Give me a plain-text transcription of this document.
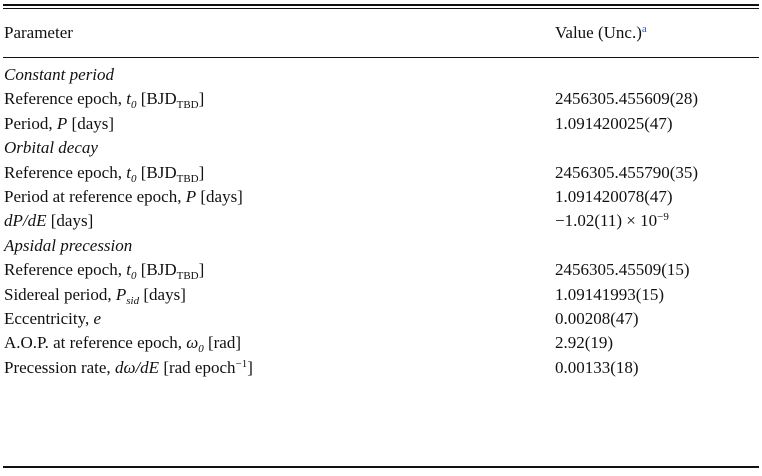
Parameter	Value (Unc.)$^a$
Constant period
Reference epoch, $t_0$ $[BJD_{TBD}]$	2456305.455609(28)
Period, P [days]	1.091420025(47)
Orbital decay
Reference epoch, $t_0$ $[BJD_{TBD}]$	2456305.455790(35)
Period at reference epoch, P [days]	1.091420078(47)
dP/dE [days]	$-1.02(11) \times 10^{-9}$
Apsidal precession
Reference epoch, $t_0$ $[BJD_{TBD}]$	2456305.45509(15)
Sidereal period, $P_{sid}$ [days]	1.09141993(15)
Eccentricity, e	0.00208(47)
A.O.P. at reference epoch, $\omega_0$ [rad]	2.92(19)
Precession rate, dω/dE [rad epoch$^{-1}$]	0.00133(18)
